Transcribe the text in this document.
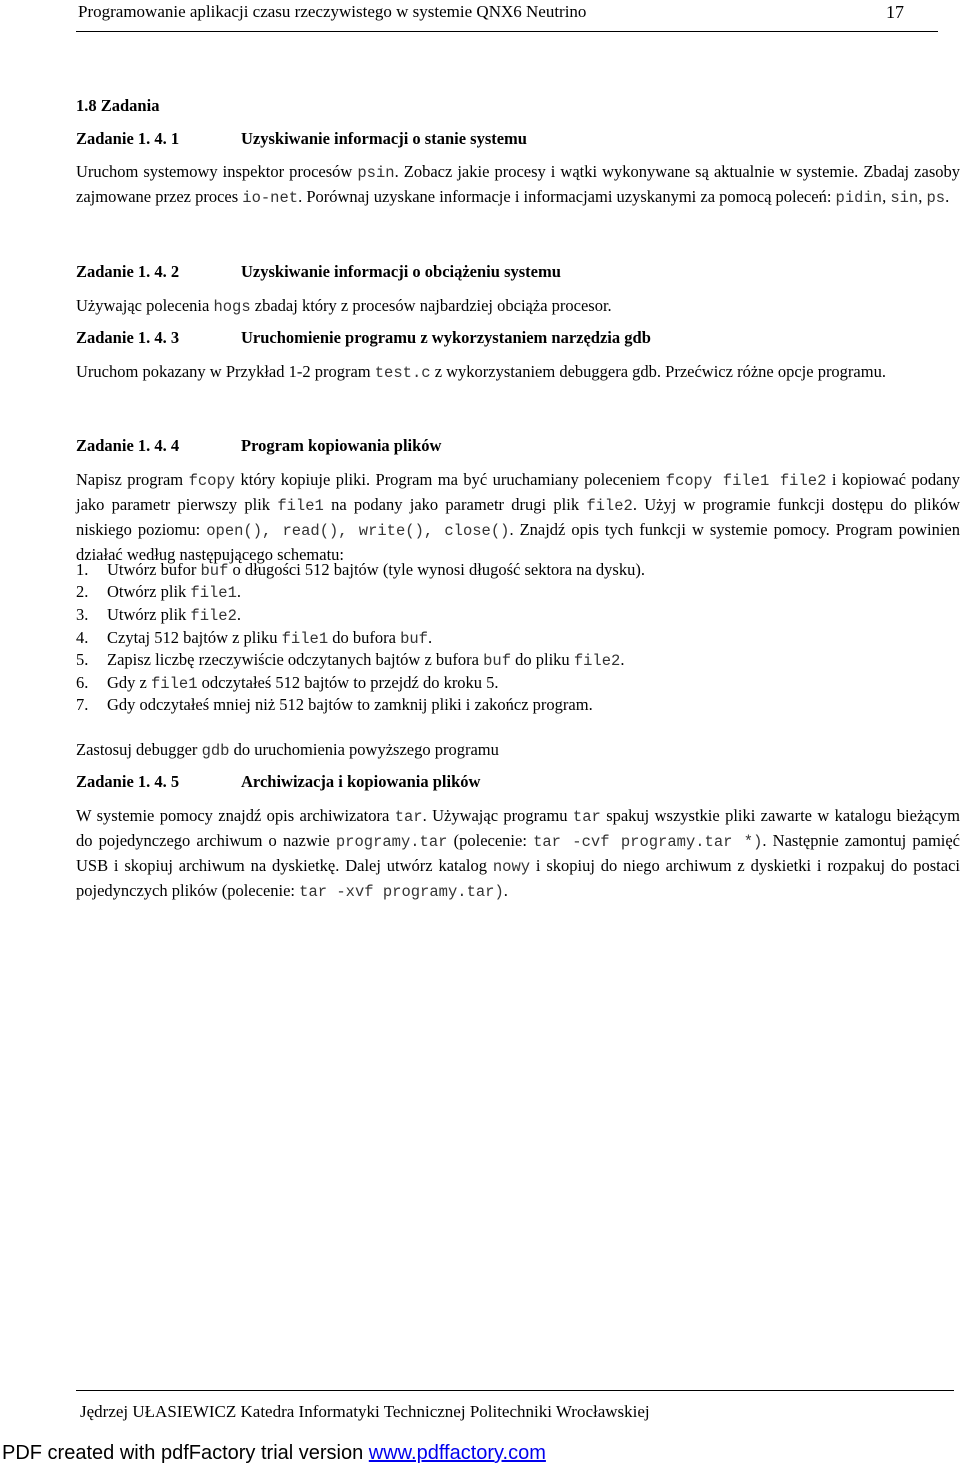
Programowanie aplikacji czasu rzeczywistego w systemie QNX6 Neutrino	17
1.8 Zadania
Zadanie 1. 4. 1	Uzyskiwanie informacji o stanie systemu
Uruchom systemowy inspektor procesów psin. Zobacz jakie procesy i wątki wykonywane są aktualnie w systemie. Zbadaj zasoby zajmowane przez proces io-net. Porównaj uzyskane informacje i informacjami uzyskanymi za pomocą poleceń: pidin, sin, ps.
Zadanie 1. 4. 2	Uzyskiwanie informacji o obciążeniu systemu
Używając polecenia hogs zbadaj który z procesów najbardziej obciąża procesor.
Zadanie 1. 4. 3	Uruchomienie programu z wykorzystaniem narzędzia gdb
Uruchom pokazany w Przykład 1-2 program test.c z wykorzystaniem debuggera gdb. Przećwicz różne opcje programu.
Zadanie 1. 4. 4	Program kopiowania plików
Napisz program fcopy który kopiuje pliki. Program ma być uruchamiany poleceniem fcopy file1 file2 i kopiować podany jako parametr pierwszy plik file1 na podany jako parametr drugi plik file2. Użyj w programie funkcji dostępu do plików niskiego poziomu: open(), read(), write(), close(). Znajdź opis tych funkcji w systemie pomocy. Program powinien działać według następującego schematu:
1. Utwórz bufor buf o długości 512 bajtów (tyle wynosi długość sektora na dysku).
2. Otwórz plik file1.
3. Utwórz plik file2.
4. Czytaj 512 bajtów z pliku file1 do bufora buf.
5. Zapisz liczbę rzeczywiście odczytanych bajtów z bufora buf do pliku file2.
6. Gdy z file1 odczytałeś 512 bajtów to przejdź do kroku 5.
7. Gdy odczytałeś mniej niż 512 bajtów to zamknij pliki i zakończ program.
Zastosuj debugger gdb do uruchomienia powyższego programu
Zadanie 1. 4. 5	Archiwizacja i kopiowania plików
W systemie pomocy znajdź opis archiwizatora tar. Używając programu tar spakuj wszystkie pliki zawarte w katalogu bieżącym do pojedynczego archiwum o nazwie programy.tar (polecenie: tar -cvf programy.tar *). Następnie zamontuj pamięć USB i skopiuj archiwum na dyskietkę. Dalej utwórz katalog nowy i skopiuj do niego archiwum z dyskietki i rozpakuj do postaci pojedynczych plików (polecenie: tar -xvf programy.tar).
Jędrzej UŁASIEWICZ Katedra Informatyki Technicznej Politechniki Wrocławskiej
PDF created with pdfFactory trial version www.pdffactory.com
